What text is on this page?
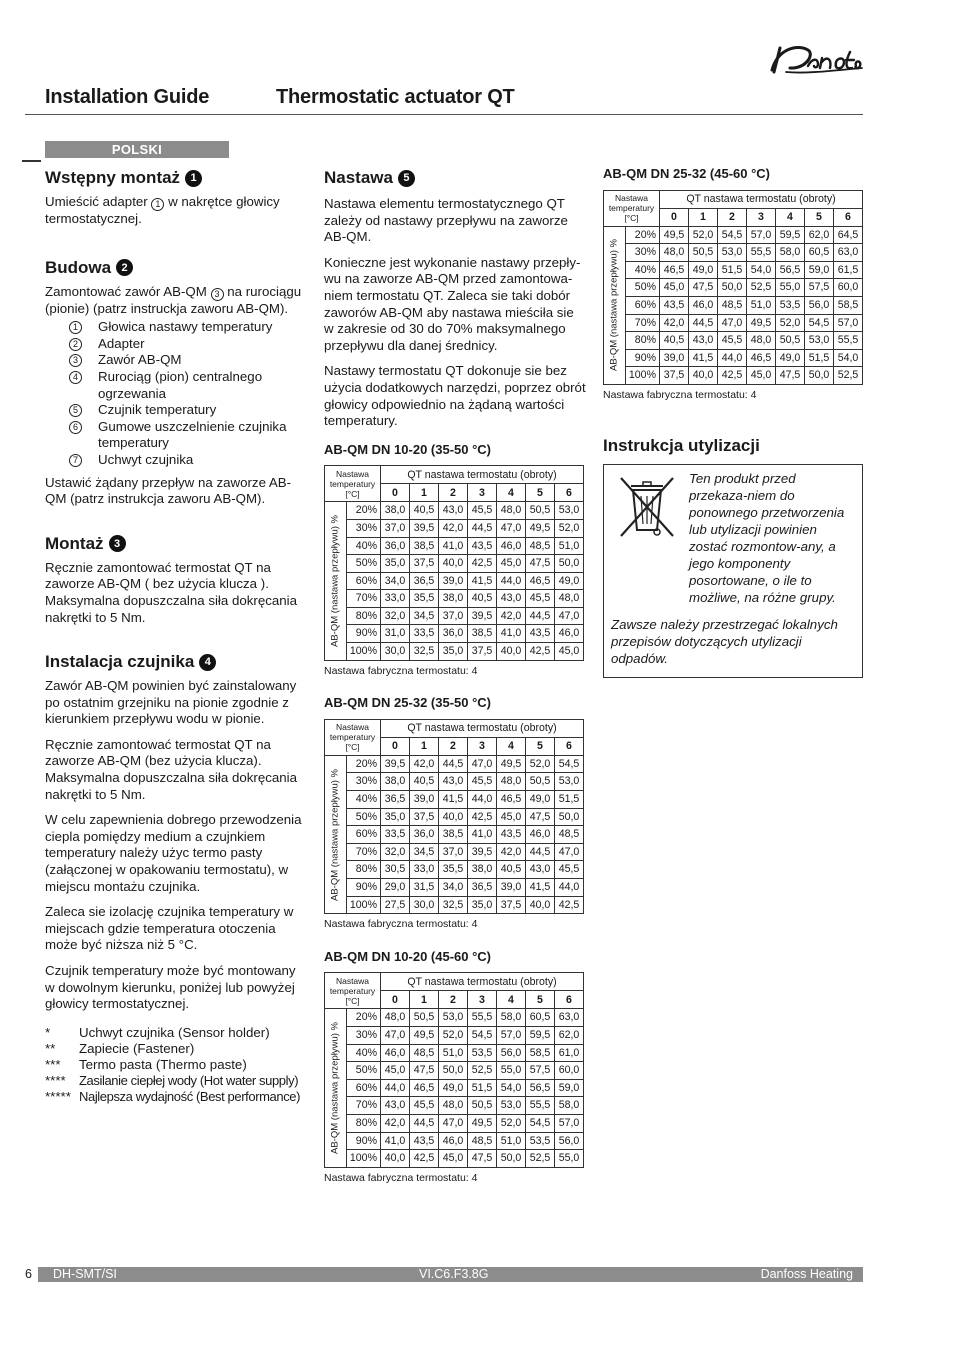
Installation Guide	Thermostatic actuator QT
POLSKI
Wstępny montaż 1

Umieścić adapter 1 w nakrętce głowicy termostatycznej.

Budowa 2

Zamontować zawór AB-QM 3 na rurociągu (pionie) (patrz instruckja zaworu AB-QM).

1	Głowica nastawy temperatury
2	Adapter
3	Zawór AB-QM
4	Rurociąg (pion) centralnego ogrzewania
5	Czujnik temperatury
6	Gumowe uszczelnienie czujnika temperatury
7	Uchwyt czujnika

Ustawić żądany przepływ na zaworze AB-QM (patrz instrukcja zaworu AB-QM).

Montaż 3

Ręcznie zamontować termostat QT na zaworze AB-QM ( bez użycia klucza ). Maksymalna dopuszczalna siła dokręcania nakrętki to 5 Nm.

Instalacja czujnika 4

Zawór AB-QM powinien być zainstalowany po ostatnim grzejniku na pionie zgodnie z kierunkiem przepływu wodu w pionie.

Ręcznie zamontować termostat QT na zaworze AB-QM (bez użycia klucza). Maksymalna dopuszczalna siła dokręcania nakrętki to 5 Nm.

W celu zapewnienia dobrego przewodzenia ciepla pomiędzy medium a czujnkiem temperatury należy użyc termo pasty (załączonej w opakowaniu termostatu), w miejscu montażu czujnika.

Zaleca sie izolację czujnika temperatury w miejscach gdzie temperatura otoczenia może być niższa niż 5 °C.

Czujnik temperatury może być montowany w dowolnym kierunku, poniżej lub powyżej głowicy termostatycznej.

*	Uchwyt czujnika (Sensor holder)
**	Zapiecie (Fastener)
***	Termo pasta (Thermo paste)
****	Zasilanie ciepłej wody (Hot water supply)
***** Najlepsza wydajność (Best performance)
Nastawa 5

Nastawa elementu termostatycznego QT zależy od nastawy przepływu na zaworze AB-QM.

Konieczne jest wykonanie nastawy przepły-wu na zaworze AB-QM przed zamontowa-niem termostatu QT. Zaleca sie taki dobór zaworów AB-QM aby nastawa mieściła sie w zakresie od 30 do 70% maksymalnego przepływu dla danej średnicy.

Nastawy termostatu QT dokonuje sie bez użycia dodatkowych narzędzi, poprzez obrót głowicy odpowiednio na żądaną wartości temperatury.

AB-QM DN 10-20 (35-50 °C)
Nastawa temperatury [°C]		QT nastawa termostatu (obroty)						
		0	1	2	3	4	5	6

AB-QM (nastawa przepływu) %	20%	38,0	40,5	43,0	45,5	48,0	50,5	53,0
	30%	37,0	39,5	42,0	44,5	47,0	49,5	52,0
	40%	36,0	38,5	41,0	43,5	46,0	48,5	51,0
	50%	35,0	37,5	40,0	42,5	45,0	47,5	50,0
	60%	34,0	36,5	39,0	41,5	44,0	46,5	49,0
	70%	33,0	35,5	38,0	40,5	43,0	45,5	48,0
	80%	32,0	34,5	37,0	39,5	42,0	44,5	47,0
	90%	31,0	33,5	36,0	38,5	41,0	43,5	46,0
	100%	30,0	32,5	35,0	37,5	40,0	42,5	45,0
Nastawa fabryczna termostatu: 4
AB-QM DN 25-32 (35-50 °C)
Nastawa temperatury [°C]		QT nastawa termostatu (obroty)						
		0	1	2	3	4	5	6

AB-QM (nastawa przepływu) %	20%	39,5	42,0	44,5	47,0	49,5	52,0	54,5
	30%	38,0	40,5	43,0	45,5	48,0	50,5	53,0
	40%	36,5	39,0	41,5	44,0	46,5	49,0	51,5
	50%	35,0	37,5	40,0	42,5	45,0	47,5	50,0
	60%	33,5	36,0	38,5	41,0	43,5	46,0	48,5
	70%	32,0	34,5	37,0	39,5	42,0	44,5	47,0
	80%	30,5	33,0	35,5	38,0	40,5	43,0	45,5
	90%	29,0	31,5	34,0	36,5	39,0	41,5	44,0
	100%	27,5	30,0	32,5	35,0	37,5	40,0	42,5
Nastawa fabryczna termostatu: 4
AB-QM DN 10-20 (45-60 °C)
Nastawa temperatury [°C]		QT nastawa termostatu (obroty)						
		0	1	2	3	4	5	6

AB-QM (nastawa przepływu) %	20%	48,0	50,5	53,0	55,5	58,0	60,5	63,0
	30%	47,0	49,5	52,0	54,5	57,0	59,5	62,0
	40%	46,0	48,5	51,0	53,5	56,0	58,5	61,0
	50%	45,0	47,5	50,0	52,5	55,0	57,5	60,0
	60%	44,0	46,5	49,0	51,5	54,0	56,5	59,0
	70%	43,0	45,5	48,0	50,5	53,0	55,5	58,0
	80%	42,0	44,5	47,0	49,5	52,0	54,5	57,0
	90%	41,0	43,5	46,0	48,5	51,0	53,5	56,0
	100%	40,0	42,5	45,0	47,5	50,0	52,5	55,0
Nastawa fabryczna termostatu: 4
AB-QM DN 25-32 (45-60 °C)
Nastawa temperatury [°C]		QT nastawa termostatu (obroty)						
		0	1	2	3	4	5	6

AB-QM (nastawa przepływu) %	20%	49,5	52,0	54,5	57,0	59,5	62,0	64,5
	30%	48,0	50,5	53,0	55,5	58,0	60,5	63,0
	40%	46,5	49,0	51,5	54,0	56,5	59,0	61,5
	50%	45,0	47,5	50,0	52,5	55,0	57,5	60,0
	60%	43,5	46,0	48,5	51,0	53,5	56,0	58,5
	70%	42,0	44,5	47,0	49,5	52,0	54,5	57,0
	80%	40,5	43,0	45,5	48,0	50,5	53,0	55,5
	90%	39,0	41,5	44,0	46,5	49,0	51,5	54,0
	100%	37,5	40,0	42,5	45,0	47,5	50,0	52,5
Nastawa fabryczna termostatu: 4
Instrukcja utylizacji
Ten produkt przed przekaza-niem do ponownego przetworzenia lub utylizacji powinien zostać rozmontow-any, a jego komponenty posortowane, o ile to możliwe, na różne grupy.

Zawsze należy przestrzegać lokalnych przepisów dotyczących utylizacji odpadów.

6	DH-SMT/SI	VI.C6.F3.8G	Danfoss Heating
